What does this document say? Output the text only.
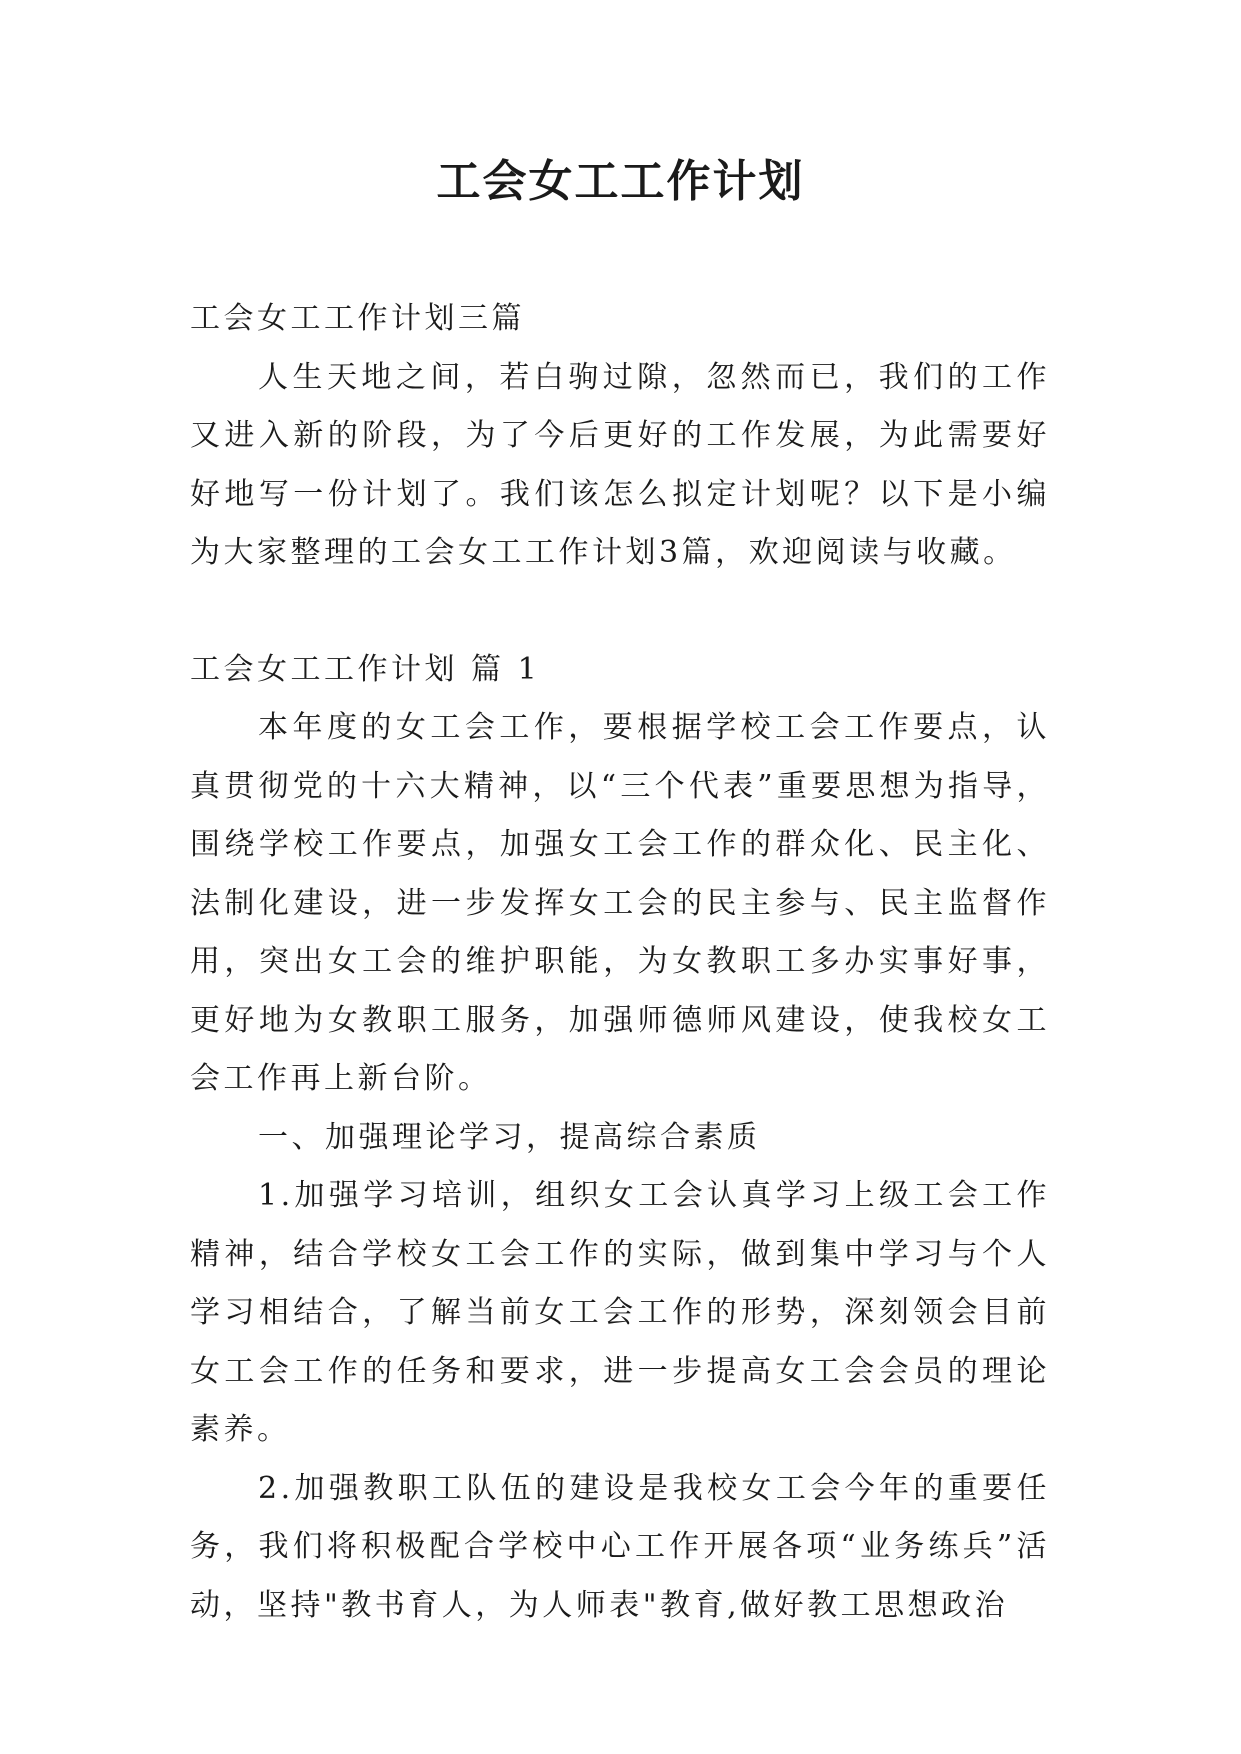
工会女工工作计划

工会女工工作计划三篇

人生天地之间，若白驹过隙，忽然而已，我们的工作又进入新的阶段，为了今后更好的工作发展，为此需要好好地写一份计划了。我们该怎么拟定计划呢？以下是小编为大家整理的工会女工工作计划3篇，欢迎阅读与收藏。

工会女工工作计划 篇 1

本年度的女工会工作，要根据学校工会工作要点，认真贯彻党的十六大精神，以“三个代表”重要思想为指导，围绕学校工作要点，加强女工会工作的群众化、民主化、法制化建设，进一步发挥女工会的民主参与、民主监督作用，突出女工会的维护职能，为女教职工多办实事好事，更好地为女教职工服务，加强师德师风建设，使我校女工会工作再上新台阶。

一、加强理论学习，提高综合素质

1.加强学习培训，组织女工会认真学习上级工会工作精神，结合学校女工会工作的实际，做到集中学习与个人学习相结合，了解当前女工会工作的形势，深刻领会目前女工会工作的任务和要求，进一步提高女工会会员的理论素养。

2.加强教职工队伍的建设是我校女工会今年的重要任务，我们将积极配合学校中心工作开展各项“业务练兵”活动，坚持"教书育人，为人师表"教育,做好教工思想政治
